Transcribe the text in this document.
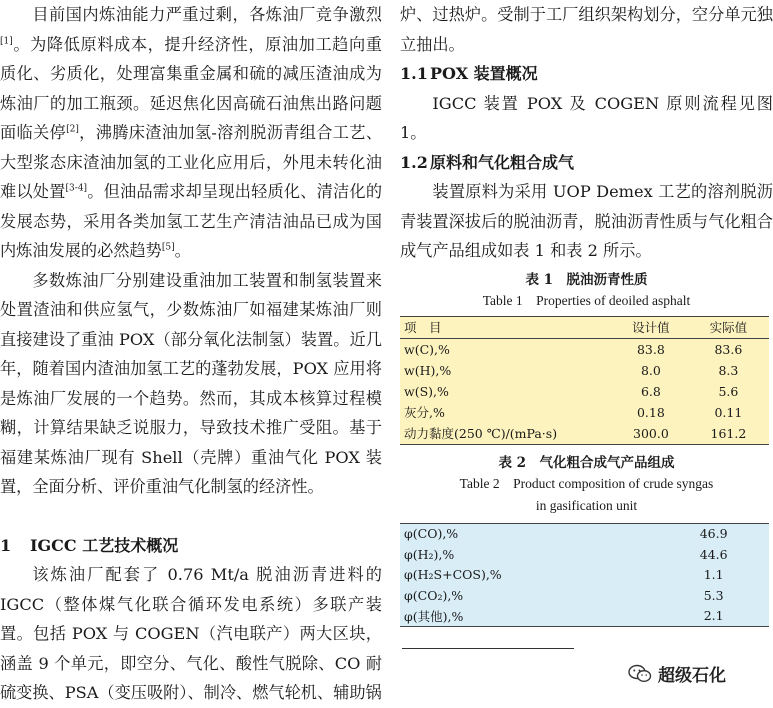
目前国内炼油能力严重过剩，各炼油厂竞争激烈[1]。为降低原料成本，提升经济性，原油加工趋向重质化、劣质化，处理富集重金属和硫的减压渣油成为炼油厂的加工瓶颈。延迟焦化因高硫石油焦出路问题面临关停[2]，沸腾床渣油加氢-溶剂脱沥青组合工艺、大型浆态床渣油加氢的工业化应用后，外甩未转化油难以处置[3-4]。但油品需求却呈现出轻质化、清洁化的发展态势，采用各类加氢工艺生产清洁油品已成为国内炼油发展的必然趋势[5]。

多数炼油厂分别建设重油加工装置和制氢装置来处置渣油和供应氢气，少数炼油厂如福建某炼油厂则直接建设了重油 POX（部分氧化法制氢）装置。近几年，随着国内渣油加氢工艺的蓬勃发展，POX 应用将是炼油厂发展的一个趋势。然而，其成本核算过程模糊，计算结果缺乏说服力，导致技术推广受阻。基于福建某炼油厂现有 Shell（壳牌）重油气化 POX 装置，全面分析、评价重油气化制氢的经济性。

1 IGCC 工艺技术概况

该炼油厂配套了 0.76 Mt/a 脱油沥青进料的 IGCC（整体煤气化联合循环发电系统）多联产装置。包括 POX 与 COGEN（汽电联产）两大区块，涵盖 9 个单元，即空分、气化、酸性气脱除、CO 耐硫变换、PSA（变压吸附）、制冷、燃气轮机、辅助锅

炉、过热炉。受制于工厂组织架构划分，空分单元独立抽出。

1.1 POX 装置概况

IGCC 装置 POX 及 COGEN 原则流程见图 1。

1.2 原料和气化粗合成气

装置原料为采用 UOP Demex 工艺的溶剂脱沥青装置深拔后的脱油沥青，脱油沥青性质与气化粗合成气产品组成如表 1 和表 2 所示。

表 1　脱油沥青性质

Table 1　Properties of deoiled asphalt

项　目	设计值	实际值
w(C),%	83.8	83.6
w(H),%	8.0	8.3
w(S),%	6.8	5.6
灰分,%	0.18	0.11
动力黏度(250 ℃)/(mPa·s)	300.0	161.2

表 2　气化粗合成气产品组成

Table 2　Product composition of crude syngas

in gasification unit

φ(CO),%	46.9
φ(H₂),%	44.6
φ(H₂S+COS),%	1.1
φ(CO₂),%	5.3
φ(其他),%	2.1
超级石化
